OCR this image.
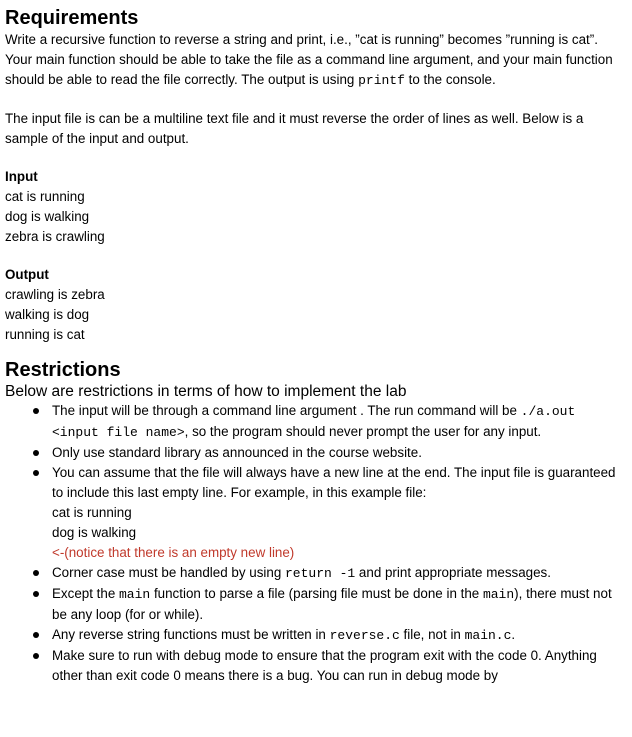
Requirements

Write a recursive function to reverse a string and print, i.e., ”cat is running” becomes ”running is cat”. Your main function should be able to take the file as a command line argument, and your main function should be able to read the file correctly. The output is using printf to the console.

The input file is can be a multiline text file and it must reverse the order of lines as well. Below is a sample of the input and output.

Input

cat is running

dog is walking

zebra is crawling

Output

crawling is zebra

walking is dog

running is cat

Restrictions

Below are restrictions in terms of how to implement the lab

The input will be through a command line argument . The run command will be ./a.out <input file name>, so the program should never prompt the user for any input.
Only use standard library as announced in the course website.
You can assume that the file will always have a new line at the end. The input file is guaranteed to include this last empty line. For example, in this example file:
cat is running
dog is walking
<-(notice that there is an empty new line)
Corner case must be handled by using return -1 and print appropriate messages.
Except the main function to parse a file (parsing file must be done in the main), there must not be any loop (for or while).
Any reverse string functions must be written in reverse.c file, not in main.c.
Make sure to run with debug mode to ensure that the program exit with the code 0. Anything other than exit code 0 means there is a bug. You can run in debug mode by
